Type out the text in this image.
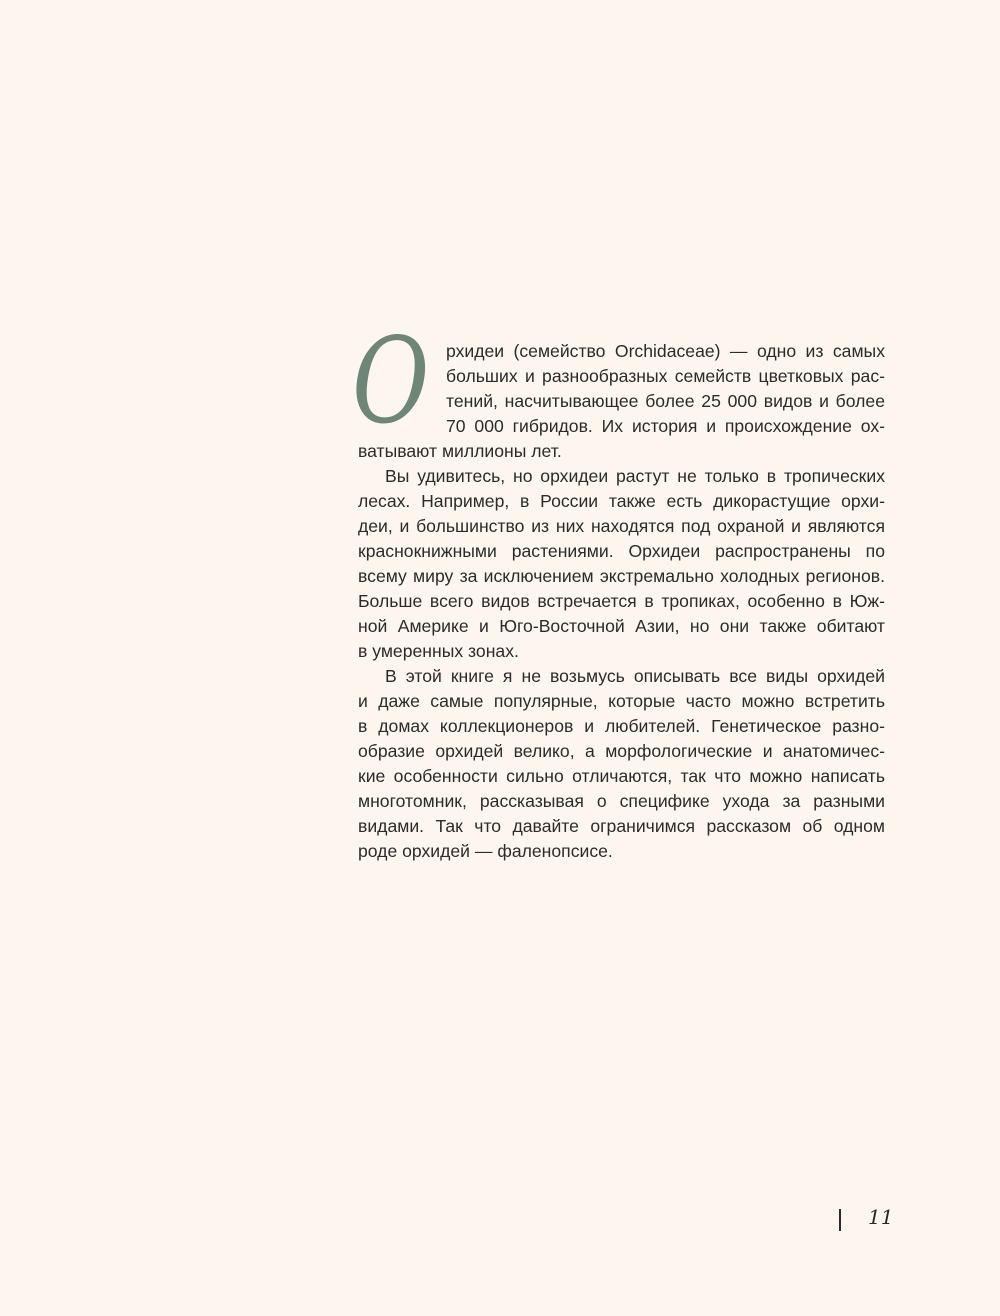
О рхидеи (семейство Orchidaceae) — одно из самых
больших и разнообразных семейств цветковых рас-
тений, насчитывающее более 25 000 видов и более
70 000 гибридов. Их история и происхождение ох-
ватывают миллионы лет.
Вы удивитесь, но орхидеи растут не только в тропических
лесах. Например, в России также есть дикорастущие орхи-
деи, и большинство из них находятся под охраной и являются
краснокнижными растениями. Орхидеи распространены по
всему миру за исключением экстремально холодных регионов.
Больше всего видов встречается в тропиках, особенно в Юж-
ной Америке и Юго-Восточной Азии, но они также обитают
в умеренных зонах.
В этой книге я не возьмусь описывать все виды орхидей
и даже самые популярные, которые часто можно встретить
в домах коллекционеров и любителей. Генетическое разно-
образие орхидей велико, а морфологические и анатомичес-
кие особенности сильно отличаются, так что можно написать
многотомник, рассказывая о специфике ухода за разными
видами. Так что давайте ограничимся рассказом об одном
роде орхидей — фаленопсисе.
11
